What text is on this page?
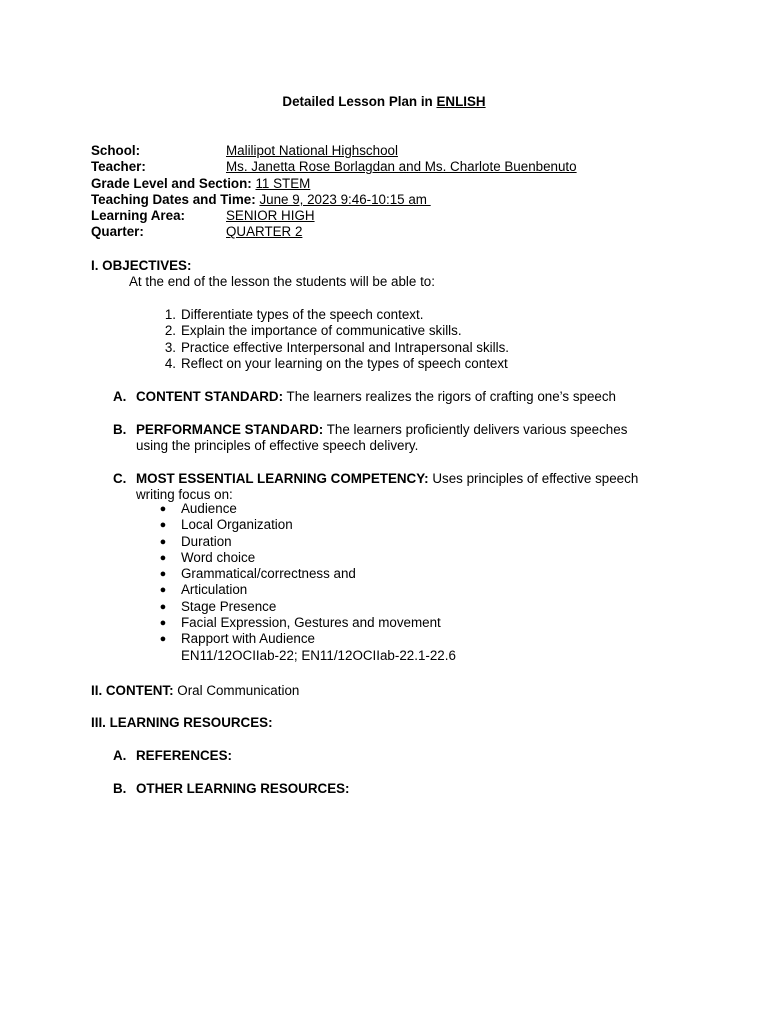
Detailed Lesson Plan in ENLISH
School:	Malilipot National Highschool
Teacher:	Ms. Janetta Rose Borlagdan and Ms. Charlote Buenbenuto
Grade Level and Section: 11 STEM
Teaching Dates and Time: June 9, 2023 9:46-10:15 am
Learning Area:	SENIOR HIGH
Quarter:	QUARTER 2
I. OBJECTIVES:
At the end of the lesson the students will be able to:
1. Differentiate types of the speech context.
2. Explain the importance of communicative skills.
3. Practice effective Interpersonal and Intrapersonal skills.
4. Reflect on your learning on the types of speech context
A. CONTENT STANDARD: The learners realizes the rigors of crafting one’s speech
B. PERFORMANCE STANDARD: The learners proficiently delivers various speeches using the principles of effective speech delivery.
C. MOST ESSENTIAL LEARNING COMPETENCY: Uses principles of effective speech writing focus on:
● Audience
● Local Organization
● Duration
● Word choice
● Grammatical/correctness and
● Articulation
● Stage Presence
● Facial Expression, Gestures and movement
● Rapport with Audience
EN11/12OCIIab-22; EN11/12OCIIab-22.1-22.6
II. CONTENT: Oral Communication
III. LEARNING RESOURCES:
A. REFERENCES:
B. OTHER LEARNING RESOURCES:
